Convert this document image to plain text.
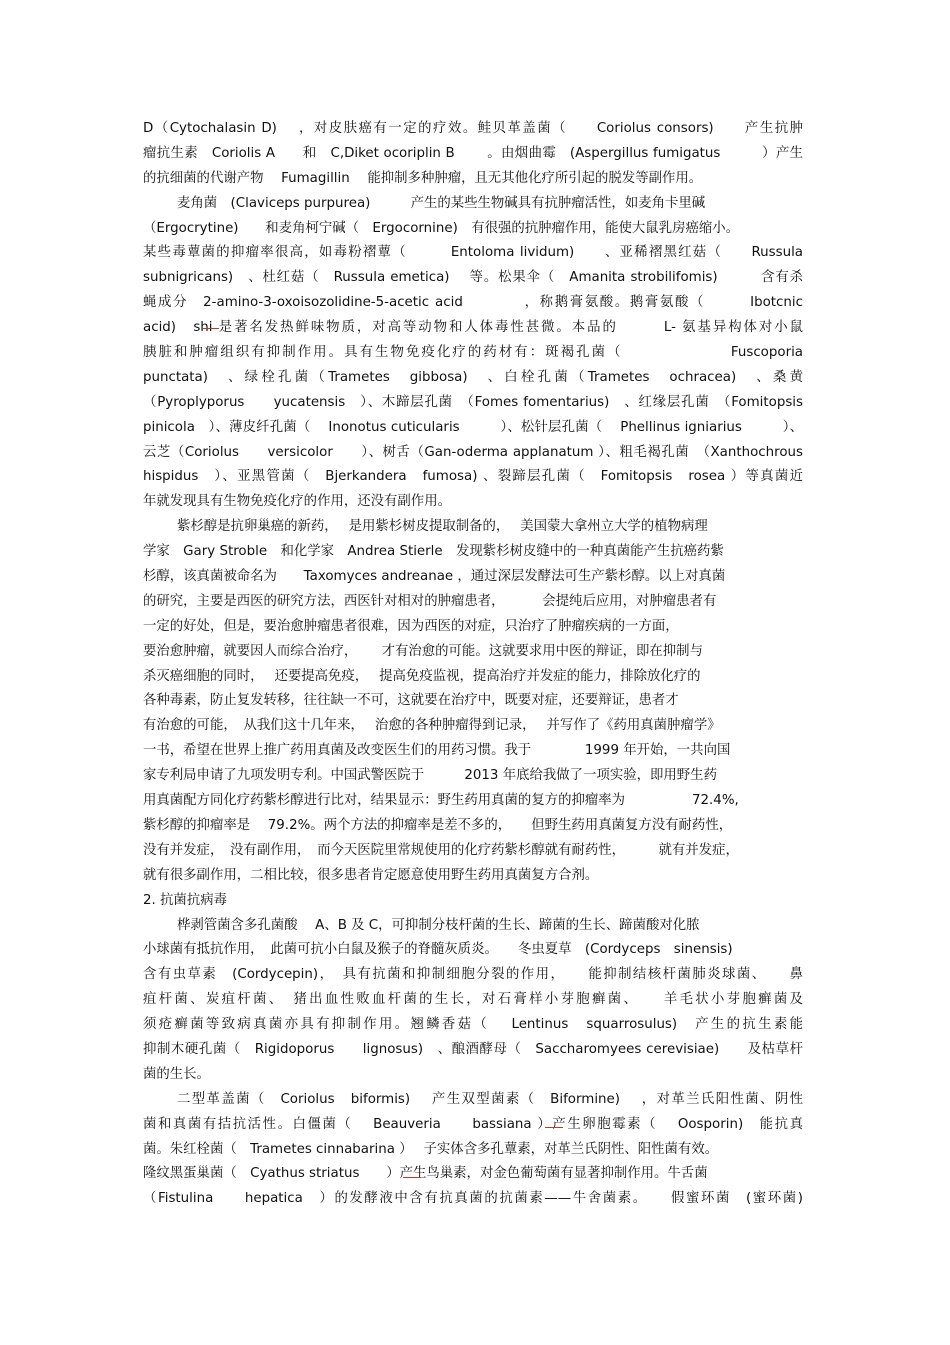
D（Cytochalasin D)　 ，对皮肤癌有一定的疗效。鲑贝革盖菌（　　Coriolus consors)　　产生抗肿
瘤抗生素　Coriolis A　　和　C,Diket ocoriplin B　　 。由烟曲霉　(Aspergillus fumigatus　　　）产生
的抗细菌的代谢产物　 Fumagillin　 能抑制多种肿瘤，且无其他化疗所引起的脱发等副作用。
麦角菌　(Claviceps purpurea)　　　产生的某些生物碱具有抗肿瘤活性，如麦角卡里碱
（Ergocrytine)　　和麦角柯宁碱（　Ergocornine)　有很强的抗肿瘤作用，能使大鼠乳房癌缩小。
某些毒蕈菌的抑瘤率很高，如毒粉褶蕈（　　　Entoloma lividum)　　、亚稀褶黑红菇（　　Russula
subnigricans)　、杜红菇（　Russula emetica)　 等。松果伞（　Amanita strobilifomis)　　　含有杀
蝇成分　2-amino-3-oxoisozolidine-5-acetic acid　　　　，称鹅膏氨酸。鹅膏氨酸（　　　Ibotcnic
acid)　shi 是著名发热鲜味物质，对高等动物和人体毒性甚微。本品的　　　L- 氨基异构体对小鼠
胰脏和肿瘤组织有抑制作用。具有生物免疫化疗的药材有：斑褐孔菌（　　　　　　　Fuscoporia
punctata)　、绿栓孔菌（Trametes　gibbosa)　、白栓孔菌（Trametes　ochracea)　、桑黄
（Pyroplyporus　　yucatensis　）、木蹄层孔菌　（Fomes fomentarius)　、红缘层孔菌　（Fomitopsis
pinicola　）、薄皮纤孔菌（　 Inonotus cuticularis　　　）、松针层孔菌（　 Phellinus igniarius　　　）、
云芝（Coriolus　　versicolor　　）、树舌（Gan-oderma applanatum ）、粗毛褐孔菌　（Xanthochrous
hispidus　）、亚黑管菌（　Bjerkandera　fumosa) 、裂蹄层孔菌（　Fomitopsis　rosea ）等真菌近
年就发现具有生物免疫化疗的作用，还没有副作用。
紫杉醇是抗卵巢癌的新药，　 是用紫杉树皮提取制备的，　 美国蒙大拿州立大学的植物病理
学家　Gary Stroble　和化学家　Andrea Stierle　发现紫杉树皮缝中的一种真菌能产生抗癌药紫
杉醇，该真菌被命名为　　Taxomyces andreanae ，通过深层发酵法可生产紫杉醇。以上对真菌
的研究，主要是西医的研究方法，西医针对相对的肿瘤患者，　　　 会提纯后应用，对肿瘤患者有
一定的好处，但是，要治愈肿瘤患者很难，因为西医的对症，只治疗了肿瘤疾病的一方面，
要治愈肿瘤，就要因人而综合治疗，　　 才有治愈的可能。这就要求用中医的辩证，即在抑制与
杀灭癌细胞的同时，　 还要提高免疫，　 提高免疫监视，提高治疗并发症的能力，排除放化疗的
各种毒素，防止复发转移，往往缺一不可，这就要在治疗中，既要对症，还要辩证，患者才
有治愈的可能，　从我们这十几年来，　 治愈的各种肿瘤得到记录，　 并写作了《药用真菌肿瘤学》
一书，希望在世界上推广药用真菌及改变医生们的用药习惯。我于　　　　1999 年开始，一共向国
家专利局申请了九项发明专利。中国武警医院于　　　2013 年底给我做了一项实验，即用野生药
用真菌配方同化疗药紫杉醇进行比对，结果显示：野生药用真菌的复方的抑瘤率为　　　　　72.4%,
紫杉醇的抑瘤率是　 79.2%。两个方法的抑瘤率是差不多的，　　但野生药用真菌复方没有耐药性，
没有并发症，　没有副作用，　而今天医院里常规使用的化疗药紫杉醇就有耐药性，　　　就有并发症，
就有很多副作用，二相比较，很多患者肯定愿意使用野生药用真菌复方合剂。
2. 抗菌抗病毒
桦剥管菌含多孔菌酸　 A、B 及 C，可抑制分枝杆菌的生长、蹄菌的生长、蹄菌酸对化脓
小球菌有抵抗作用，　此菌可抗小白鼠及猴子的脊髓灰质炎。　　冬虫夏草　(Cordyceps　sinensis)
含有虫草素　(Cordycepin)，　具有抗菌和抑制细胞分裂的作用，　　能抑制结核杆菌肺炎球菌、　　鼻
疽杆菌、炭疽杆菌、　猪出血性败血杆菌的生长，对石膏样小芽胞癣菌、　　羊毛状小芽胞癣菌及
须疮癣菌等致病真菌亦具有抑制作用。翘鳞香菇（　 Lentinus　squarrosulus)　产生的抗生素能
抑制木硬孔菌（　Rigidoporus　　lignosus)　、酿酒酵母（　Saccharomyees cerevisiae)　　及枯草杆
菌的生长。
二型革盖菌（　Coriolus　biformis)　 产生双型菌素（　Biformine)　 ，对革兰氏阳性菌、阴性
菌和真菌有拮抗活性。白僵菌（　 Beauveria　　bassiana ）产生卵胞霉素（　 Oosporin)　能抗真
菌。朱红栓菌（　Trametes cinnabarina ）　 子实体含多孔蕈素，对革兰氏阴性、阳性菌有效。
隆纹黑蛋巢菌（　Cyathus striatus　　）产生鸟巢素，对金色葡萄菌有显著抑制作用。牛舌菌
（Fistulina　　hepatica　）的发酵液中含有抗真菌的抗菌素——牛舍菌素。　　假蜜环菌　(蜜环菌)
